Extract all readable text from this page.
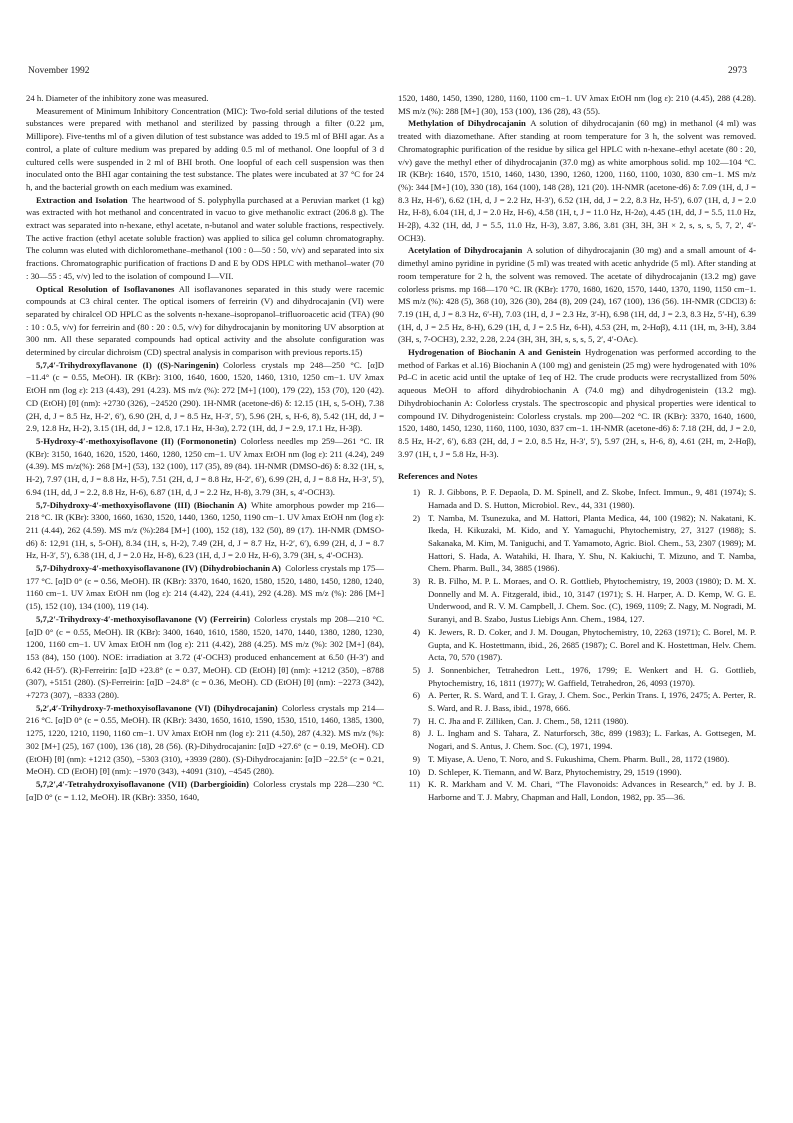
November 1992	2973

24 h. Diameter of the inhibitory zone was measured.

Measurement of Minimum Inhibitory Concentration (MIC): Two-fold serial dilutions of the tested substances were prepared with methanol and sterilized by passing through a filter (0.22 µm, Millipore). Five-tenths ml of a given dilution of test substance was added to 19.5 ml of BHI agar. As a control, a plate of culture medium was prepared by adding 0.5 ml of methanol. One loopful of 3 d cultured cells were suspended in 2 ml of BHI broth. One loopful of each cell suspension was then inoculated onto the BHI agar containing the test substance. The plates were incubated at 37 °C for 24 h, and the bacterial growth on each medium was examined.

Extraction and Isolation  The heartwood of S. polyphylla purchased at a Peruvian market (1 kg) was extracted with hot methanol and concentrated in vacuo to give methanolic extract (206.8 g). The extract was separated into n-hexane, ethyl acetate, n-butanol and water soluble fractions, respectively. The active fraction (ethyl acetate soluble fraction) was applied to silica gel column chromatography. The column was eluted with dichloromethane–methanol (100 : 0—50 : 50, v/v) and separated into six fractions. Chromatographic purification of fractions D and E by ODS HPLC with methanol–water (70 : 30—55 : 45, v/v) led to the isolation of compound I—VII.

Optical Resolution of Isoflavanones  All isoflavanones separated in this study were racemic compounds at C3 chiral center. The optical isomers of ferreirin (V) and dihydrocajanin (VI) were separated by chiralcel OD HPLC as the solvents n-hexane–isopropanol–trifluoroacetic acid (TFA) (90 : 10 : 0.5, v/v) for ferreirin and (80 : 20 : 0.5, v/v) for dihydrocajanin by monitoring UV absorption at 300 nm. All these separated compounds had optical activity and the absolute configuration was determined by circular dichroism (CD) spectral analysis in comparison with previous reports.15)

5,7,4′-Trihydroxyflavanone (I) ((S)-Naringenin)  Colorless crystals mp 248—250 °C. [α]D −11.4° (c = 0.55, MeOH). IR (KBr): 3100, 1640, 1600, 1520, 1460, 1310, 1250 cm−1. UV λmax EtOH nm (log ε): 213 (4.43), 291 (4.23). MS m/z (%): 272 [M+] (100), 179 (22), 153 (70), 120 (42). CD (EtOH) [θ] (nm): +2730 (326), −24520 (290). 1H-NMR (acetone-d6) δ: 12.15 (1H, s, 5-OH), 7.38 (2H, d, J = 8.5 Hz, H-2′, 6′), 6.90 (2H, d, J = 8.5 Hz, H-3′, 5′), 5.96 (2H, s, H-6, 8), 5.42 (1H, dd, J = 2.9, 12.8 Hz, H-2), 3.15 (1H, dd, J = 12.8, 17.1 Hz, H-3α), 2.72 (1H, dd, J = 2.9, 17.1 Hz, H-3β).

5-Hydroxy-4′-methoxyisoflavone (II) (Formononetin)  Colorless needles mp 259—261 °C. IR (KBr): 3150, 1640, 1620, 1520, 1460, 1280, 1250 cm−1. UV λmax EtOH nm (log ε): 211 (4.24), 249 (4.39). MS m/z(%): 268 [M+] (53), 132 (100), 117 (35), 89 (84). 1H-NMR (DMSO-d6) δ: 8.32 (1H, s, H-2), 7.97 (1H, d, J = 8.8 Hz, H-5), 7.51 (2H, d, J = 8.8 Hz, H-2′, 6′), 6.99 (2H, d, J = 8.8 Hz, H-3′, 5′), 6.94 (1H, dd, J = 2.2, 8.8 Hz, H-6), 6.87 (1H, d, J = 2.2 Hz, H-8), 3.79 (3H, s, 4′-OCH3).

5,7-Dihydroxy-4′-methoxyisoflavone (III) (Biochanin A)  White amorphous powder mp 216—218 °C. IR (KBr): 3300, 1660, 1630, 1520, 1440, 1360, 1250, 1190 cm−1. UV λmax EtOH nm (log ε): 211 (4.44), 262 (4.59). MS m/z (%):284 [M+] (100), 152 (18), 132 (50), 89 (17). 1H-NMR (DMSO-d6) δ: 12,91 (1H, s, 5-OH), 8.34 (1H, s, H-2), 7.49 (2H, d, J = 8.7 Hz, H-2′, 6′), 6.99 (2H, d, J = 8.7 Hz, H-3′, 5′), 6.38 (1H, d, J = 2.0 Hz, H-8), 6.23 (1H, d, J = 2.0 Hz, H-6), 3.79 (3H, s, 4′-OCH3).

5,7-Dihydroxy-4′-methoxyisoflavanone (IV) (Dihydrobiochanin A)  Colorless crystals mp 175—177 °C. [α]D 0° (c = 0.56, MeOH). IR (KBr): 3370, 1640, 1620, 1580, 1520, 1480, 1450, 1280, 1240, 1160 cm−1. UV λmax EtOH nm (log ε): 214 (4.42), 224 (4.41), 292 (4.28). MS m/z (%): 286 [M+] (15), 152 (10), 134 (100), 119 (14).

5,7,2′-Trihydroxy-4′-methoxyisoflavanone (V) (Ferreirin)  Colorless crystals mp 208—210 °C. [α]D 0° (c = 0.55, MeOH). IR (KBr): 3400, 1640, 1610, 1580, 1520, 1470, 1440, 1380, 1280, 1230, 1200, 1160 cm−1. UV λmax EtOH nm (log ε): 211 (4.42), 288 (4.25). MS m/z (%): 302 [M+] (84), 153 (84), 150 (100). NOE: irradiation at 3.72 (4′-OCH3) produced enhancement at 6.50 (H-3′) and 6.42 (H-5′). (R)-Ferreirin: [α]D +23.8° (c = 0.37, MeOH). CD (EtOH) [θ] (nm): +1212 (350), −8788 (307), +5151 (280). (S)-Ferreirin: [α]D −24.8° (c = 0.36, MeOH). CD (EtOH) [θ] (nm): −2273 (342), +7273 (307), −8333 (280).

5,2′,4′-Trihydroxy-7-methoxyisoflavanone (VI) (Dihydrocajanin)  Colorless crystals mp 214—216 °C. [α]D 0° (c = 0.55, MeOH). IR (KBr): 3430, 1650, 1610, 1590, 1530, 1510, 1460, 1385, 1300, 1275, 1220, 1210, 1190, 1160 cm−1. UV λmax EtOH nm (log ε): 211 (4.50), 287 (4.32). MS m/z (%): 302 [M+] (25), 167 (100), 136 (18), 28 (56). (R)-Dihydrocajanin: [α]D +27.6° (c = 0.19, MeOH). CD (EtOH) [θ] (nm): +1212 (350), −5303 (310), +3939 (280). (S)-Dihydrocajanin: [α]D −22.5° (c = 0.21, MeOH). CD (EtOH) [θ] (nm): −1970 (343), +4091 (310), −4545 (280).

5,7,2′,4′-Tetrahydroxyisoflavanone (VII) (Darbergioidin)  Colorless crystals mp 228—230 °C. [α]D 0° (c = 1.12, MeOH). IR (KBr): 3350, 1640,

1520, 1480, 1450, 1390, 1280, 1160, 1100 cm−1. UV λmax EtOH nm (log ε): 210 (4.45), 288 (4.28). MS m/z (%): 288 [M+] (30), 153 (100), 136 (28), 43 (55).

Methylation of Dihydrocajanin  A solution of dihydrocajanin (60 mg) in methanol (4 ml) was treated with diazomethane. After standing at room temperature for 3 h, the solvent was removed. Chromatographic purification of the residue by silica gel HPLC with n-hexane–ethyl acetate (80 : 20, v/v) gave the methyl ether of dihydrocajanin (37.0 mg) as white amorphous solid. mp 102—104 °C. IR (KBr): 1640, 1570, 1510, 1460, 1430, 1390, 1260, 1200, 1160, 1100, 1030, 830 cm−1. MS m/z (%): 344 [M+] (10), 330 (18), 164 (100), 148 (28), 121 (20). 1H-NMR (acetone-d6) δ: 7.09 (1H, d, J = 8.3 Hz, H-6′), 6.62 (1H, d, J = 2.2 Hz, H-3′), 6.52 (1H, dd, J = 2.2, 8.3 Hz, H-5′), 6.07 (1H, d, J = 2.0 Hz, H-8), 6.04 (1H, d, J = 2.0 Hz, H-6), 4.58 (1H, t, J = 11.0 Hz, H-2α), 4.45 (1H, dd, J = 5.5, 11.0 Hz, H-2β), 4.32 (1H, dd, J = 5.5, 11.0 Hz, H-3), 3.87, 3.86, 3.81 (3H, 3H, 3H × 2, s, s, s, 5, 7, 2′, 4′-OCH3).

Acetylation of Dihydrocajanin  A solution of dihydrocajanin (30 mg) and a small amount of 4-dimethyl amino pyridine in pyridine (5 ml) was treated with acetic anhydride (5 ml). After standing at room temperature for 2 h, the solvent was removed. The acetate of dihydrocajanin (13.2 mg) gave colorless prisms. mp 168—170 °C. IR (KBr): 1770, 1680, 1620, 1570, 1440, 1370, 1190, 1150 cm−1. MS m/z (%): 428 (5), 368 (10), 326 (30), 284 (8), 209 (24), 167 (100), 136 (56). 1H-NMR (CDCl3) δ: 7.19 (1H, d, J = 8.3 Hz, 6′-H), 7.03 (1H, d, J = 2.3 Hz, 3′-H), 6.98 (1H, dd, J = 2.3, 8.3 Hz, 5′-H), 6.39 (1H, d, J = 2.5 Hz, 8-H), 6.29 (1H, d, J = 2.5 Hz, 6-H), 4.53 (2H, m, 2-Hαβ), 4.11 (1H, m, 3-H), 3.84 (3H, s, 7-OCH3), 2.32, 2.28, 2.24 (3H, 3H, 3H, s, s, s, 5, 2′, 4′-OAc).

Hydrogenation of Biochanin A and Genistein  Hydrogenation was performed according to the method of Farkas et al.16) Biochanin A (100 mg) and genistein (25 mg) were hydrogenated with 10% Pd–C in acetic acid until the uptake of 1eq of H2. The crude products were recrystallized from 50% aqueous MeOH to afford dihydrobiochanin A (74.0 mg) and dihydrogenistein (13.2 mg). Dihydrobiochanin A: Colorless crystals. The spectroscopic and physical properties were identical to compound IV. Dihydrogenistein: Colorless crystals. mp 200—202 °C. IR (KBr): 3370, 1640, 1600, 1520, 1480, 1450, 1230, 1160, 1100, 1030, 837 cm−1. 1H-NMR (acetone-d6) δ: 7.18 (2H, dd, J = 2.0, 8.5 Hz, H-2′, 6′), 6.83 (2H, dd, J = 2.0, 8.5 Hz, H-3′, 5′), 5.97 (2H, s, H-6, 8), 4.61 (2H, m, 2-Hαβ), 3.97 (1H, t, J = 5.8 Hz, H-3).

References and Notes
1) R. J. Gibbons, P. F. Depaola, D. M. Spinell, and Z. Skobe, Infect. Immun., 9, 481 (1974); S. Hamada and D. S. Hutton, Microbiol. Rev., 44, 331 (1980).
2) T. Namba, M. Tsunezuka, and M. Hattori, Planta Medica, 44, 100 (1982); N. Nakatani, K. Ikeda, H. Kikuzaki, M. Kido, and Y. Yamaguchi, Phytochemistry, 27, 3127 (1988); S. Sakanaka, M. Kim, M. Taniguchi, and T. Yamamoto, Agric. Biol. Chem., 53, 2307 (1989); M. Hattori, S. Hada, A. Watahiki, H. Ihara, Y. Shu, N. Kakiuchi, T. Mizuno, and T. Namba, Chem. Pharm. Bull., 34, 3885 (1986).
3) R. B. Filho, M. P. L. Moraes, and O. R. Gottlieb, Phytochemistry, 19, 2003 (1980); D. M. X. Donnelly and M. A. Fitzgerald, ibid., 10, 3147 (1971); S. H. Harper, A. D. Kemp, W. G. E. Underwood, and R. V. M. Campbell, J. Chem. Soc. (C), 1969, 1109; Z. Nagy, M. Nogradi, M. Suranyi, and B. Szabo, Justus Liebigs Ann. Chem., 1984, 127.
4) K. Jewers, R. D. Coker, and J. M. Dougan, Phytochemistry, 10, 2263 (1971); C. Borel, M. P. Gupta, and K. Hostettmann, ibid., 26, 2685 (1987); C. Borel and K. Hostettman, Helv. Chem. Acta, 70, 570 (1987).
5) J. Sonnenbicher, Tetrahedron Lett., 1976, 1799; E. Wenkert and H. G. Gottlieb, Phytochemistry, 16, 1811 (1977); W. Gaffield, Tetrahedron, 26, 4093 (1970).
6) A. Perter, R. S. Ward, and T. I. Gray, J. Chem. Soc., Perkin Trans. I, 1976, 2475; A. Perter, R. S. Ward, and R. J. Bass, ibid., 1978, 666.
7) H. C. Jha and F. Zilliken, Can. J. Chem., 58, 1211 (1980).
8) J. L. Ingham and S. Tahara, Z. Naturforsch, 38c, 899 (1983); L. Farkas, A. Gottsegen, M. Nogari, and S. Antus, J. Chem. Soc. (C), 1971, 1994.
9) T. Miyase, A. Ueno, T. Noro, and S. Fukushima, Chem. Pharm. Bull., 28, 1172 (1980).
10) D. Schleper, K. Tiemann, and W. Barz, Phytochemistry, 29, 1519 (1990).
11) K. R. Markham and V. M. Chari, “The Flavonoids: Advances in Research,” ed. by J. B. Harborne and T. J. Mabry, Chapman and Hall, London, 1982, pp. 35—36.
